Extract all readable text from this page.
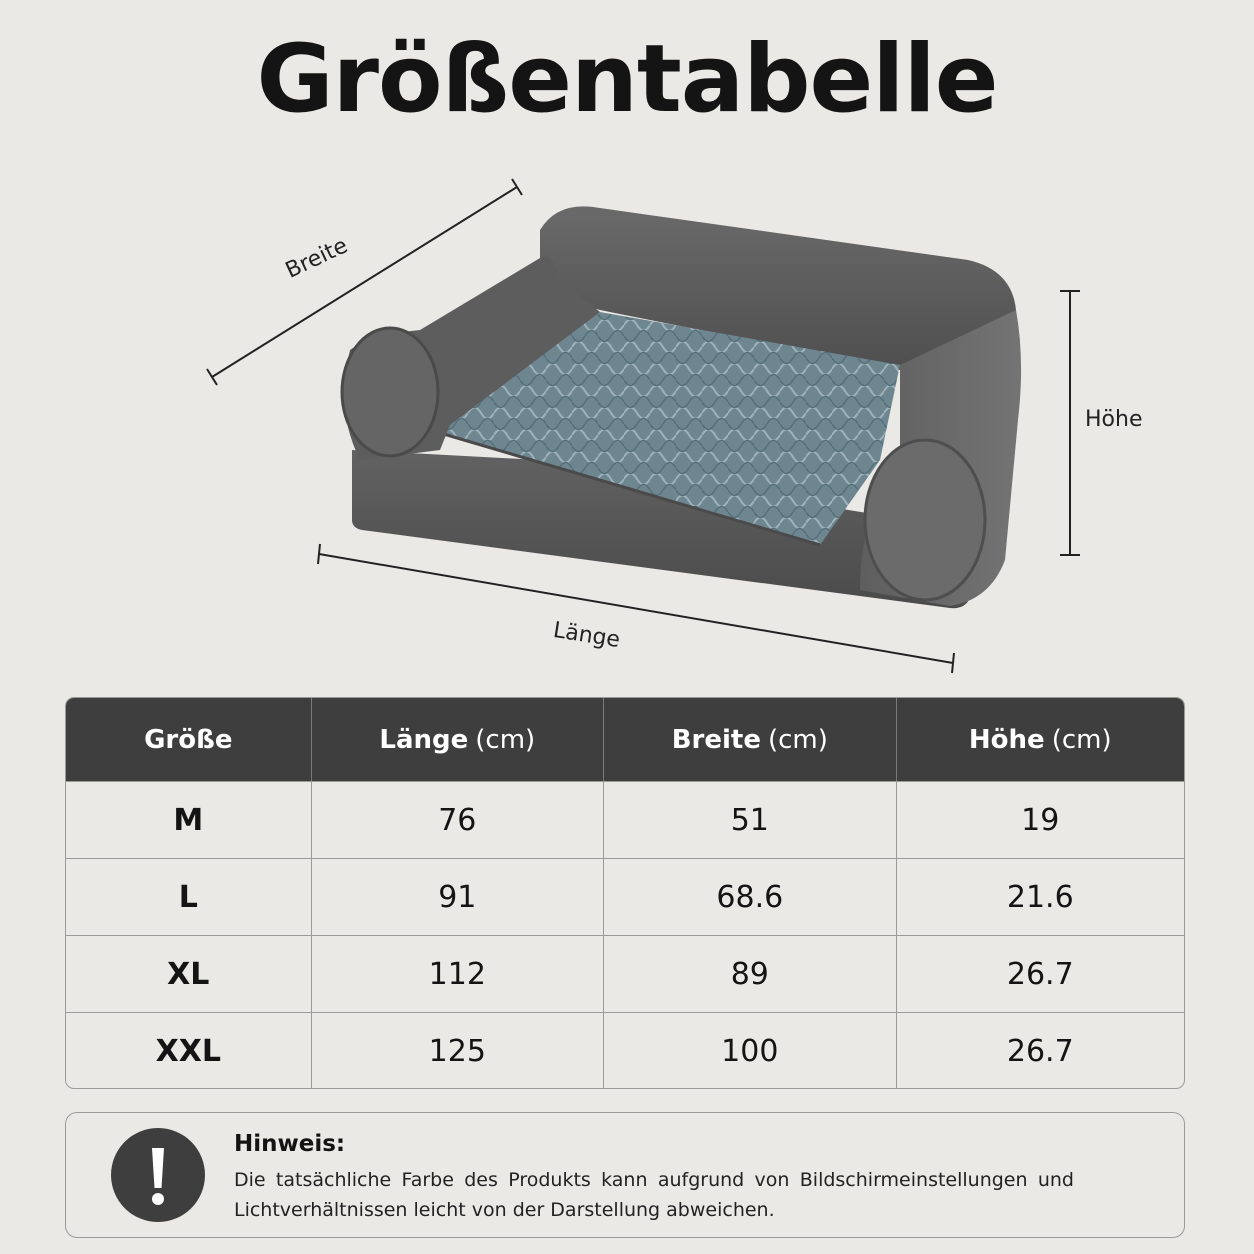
Größentabelle
Breite
Höhe
Länge
Größe	Länge (cm)	Breite (cm)	Höhe (cm)
M	76	51	19
L	91	68.6	21.6
XL	112	89	26.7
XXL	125	100	26.7
Hinweis:
Die tatsächliche Farbe des Produkts kann aufgrund von Bildschirmeinstellungen und Lichtverhältnissen leicht von der Darstellung abweichen.
